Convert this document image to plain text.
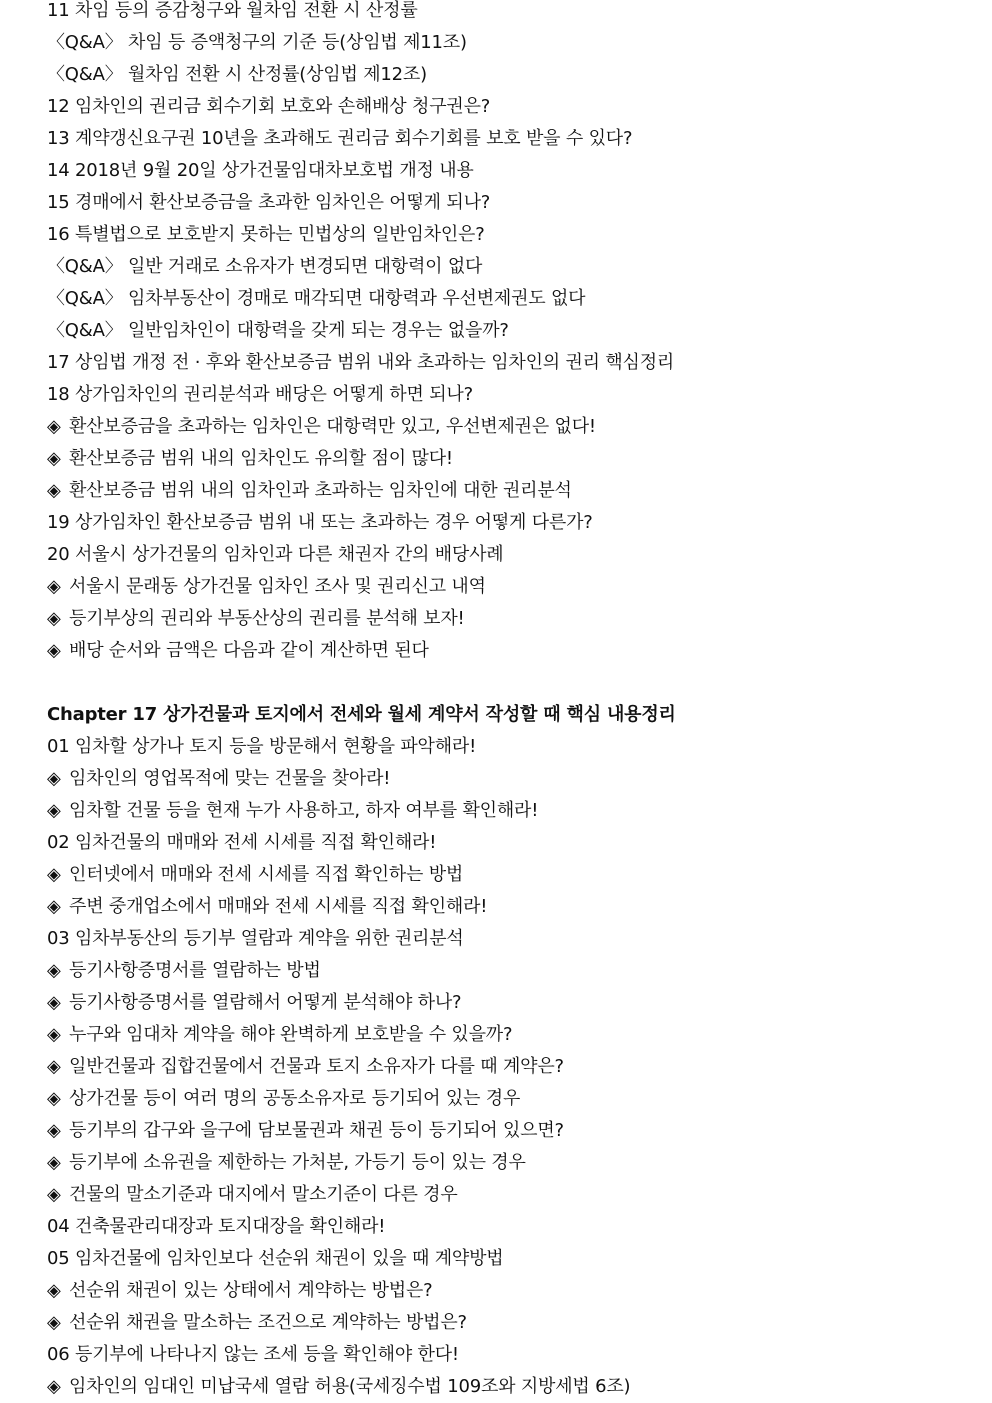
11 차임 등의 증감청구와 월차임 전환 시 산정률
〈Q&A〉 차임 등 증액청구의 기준 등(상임법 제11조)
〈Q&A〉 월차임 전환 시 산정률(상임법 제12조)
12 임차인의 권리금 회수기회 보호와 손해배상 청구권은?
13 계약갱신요구권 10년을 초과해도 권리금 회수기회를 보호 받을 수 있다?
14 2018년 9월 20일 상가건물임대차보호법 개정 내용
15 경매에서 환산보증금을 초과한 임차인은 어떻게 되나?
16 특별법으로 보호받지 못하는 민법상의 일반임차인은?
〈Q&A〉 일반 거래로 소유자가 변경되면 대항력이 없다
〈Q&A〉 임차부동산이 경매로 매각되면 대항력과 우선변제권도 없다
〈Q&A〉 일반임차인이 대항력을 갖게 되는 경우는 없을까?
17 상임법 개정 전 · 후와 환산보증금 범위 내와 초과하는 임차인의 권리 핵심정리
18 상가임차인의 권리분석과 배당은 어떻게 하면 되나?
◈ 환산보증금을 초과하는 임차인은 대항력만 있고, 우선변제권은 없다!
◈ 환산보증금 범위 내의 임차인도 유의할 점이 많다!
◈ 환산보증금 범위 내의 임차인과 초과하는 임차인에 대한 권리분석
19 상가임차인 환산보증금 범위 내 또는 초과하는 경우 어떻게 다른가?
20 서울시 상가건물의 임차인과 다른 채권자 간의 배당사례
◈ 서울시 문래동 상가건물 임차인 조사 및 권리신고 내역
◈ 등기부상의 권리와 부동산상의 권리를 분석해 보자!
◈ 배당 순서와 금액은 다음과 같이 계산하면 된다
Chapter 17 상가건물과 토지에서 전세와 월세 계약서 작성할 때 핵심 내용정리
01 임차할 상가나 토지 등을 방문해서 현황을 파악해라!
◈ 임차인의 영업목적에 맞는 건물을 찾아라!
◈ 임차할 건물 등을 현재 누가 사용하고, 하자 여부를 확인해라!
02 임차건물의 매매와 전세 시세를 직접 확인해라!
◈ 인터넷에서 매매와 전세 시세를 직접 확인하는 방법
◈ 주변 중개업소에서 매매와 전세 시세를 직접 확인해라!
03 임차부동산의 등기부 열람과 계약을 위한 권리분석
◈ 등기사항증명서를 열람하는 방법
◈ 등기사항증명서를 열람해서 어떻게 분석해야 하나?
◈ 누구와 임대차 계약을 해야 완벽하게 보호받을 수 있을까?
◈ 일반건물과 집합건물에서 건물과 토지 소유자가 다를 때 계약은?
◈ 상가건물 등이 여러 명의 공동소유자로 등기되어 있는 경우
◈ 등기부의 갑구와 을구에 담보물권과 채권 등이 등기되어 있으면?
◈ 등기부에 소유권을 제한하는 가처분, 가등기 등이 있는 경우
◈ 건물의 말소기준과 대지에서 말소기준이 다른 경우
04 건축물관리대장과 토지대장을 확인해라!
05 임차건물에 임차인보다 선순위 채권이 있을 때 계약방법
◈ 선순위 채권이 있는 상태에서 계약하는 방법은?
◈ 선순위 채권을 말소하는 조건으로 계약하는 방법은?
06 등기부에 나타나지 않는 조세 등을 확인해야 한다!
◈ 임차인의 임대인 미납국세 열람 허용(국세징수법 109조와 지방세법 6조)
